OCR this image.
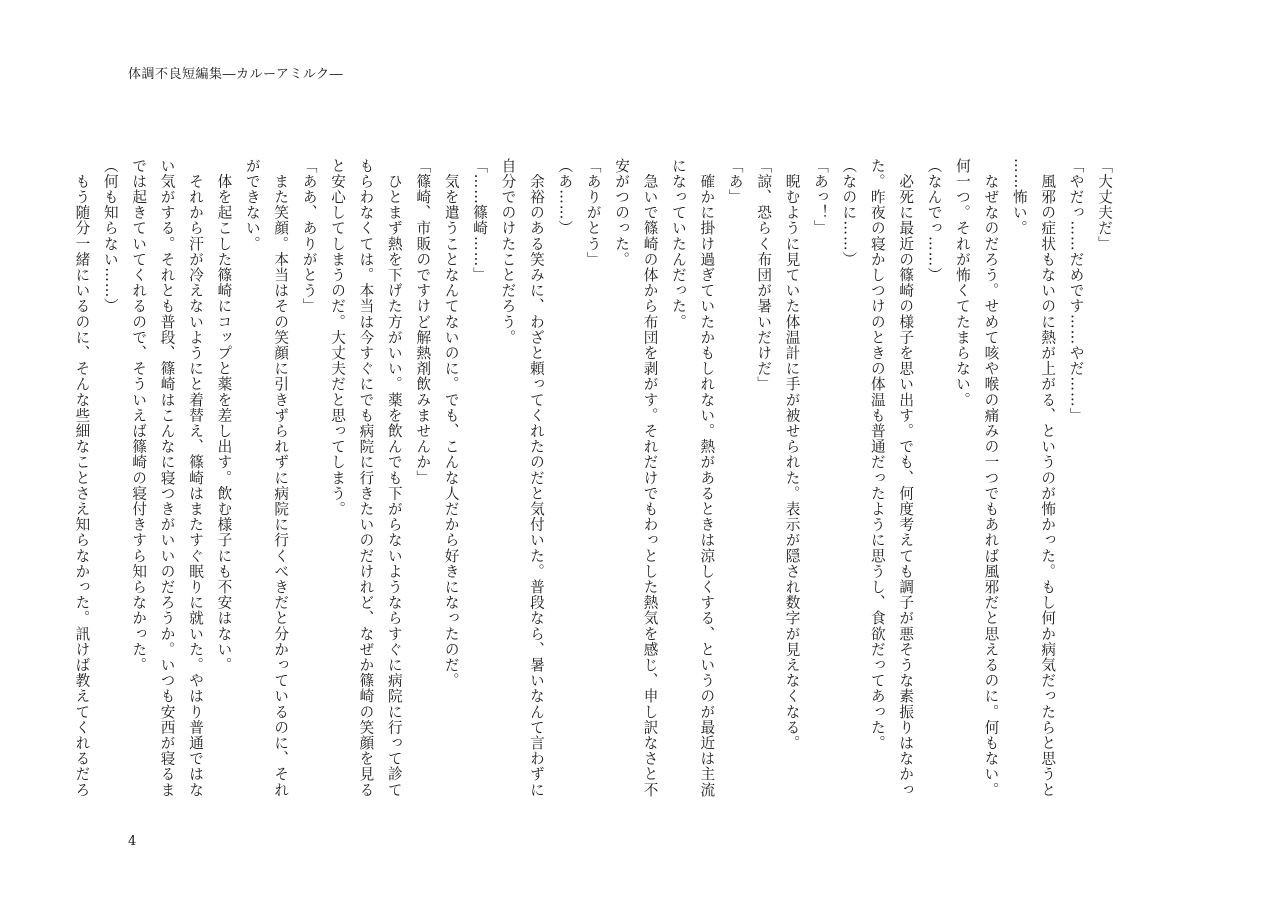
体調不良短編集―カルーアミルク―
「大丈夫だ」
「やだっ……だめです……やだ……」
　風邪の症状もないのに熱が上がる、というのが怖かった。もし何か病気だったらと思うと
……怖い。
　なぜなのだろう。せめて咳や喉の痛みの一つでもあれば風邪だと思えるのに。何もない。
何一つ。それが怖くてたまらない。
（なんでっ……）
　必死に最近の篠崎の様子を思い出す。でも、何度考えても調子が悪そうな素振りはなかっ
た。昨夜の寝かしつけのときの体温も普通だったように思うし、食欲だってあった。
（なのに……）
「あっ！」
　睨むように見ていた体温計に手が被せられた。表示が隠され数字が見えなくなる。
「諒、恐らく布団が暑いだけだ」
「あ」
　確かに掛け過ぎていたかもしれない。熱があるときは涼しくする、というのが最近は主流
になっていたんだった。
　急いで篠崎の体から布団を剥がす。それだけでもわっとした熱気を感じ、申し訳なさと不
安がつのった。
「ありがとう」
（あ……）
　余裕のある笑みに、わざと頼ってくれたのだと気付いた。普段なら、暑いなんて言わずに
自分でのけたことだろう。
「……篠崎……」
　気を遣うことなんてないのに。でも、こんな人だから好きになったのだ。
「篠崎、市販のですけど解熱剤飲みませんか」
　ひとまず熱を下げた方がいい。薬を飲んでも下がらないようならすぐに病院に行って診て
もらわなくては。本当は今すぐにでも病院に行きたいのだけれど、なぜか篠崎の笑顔を見る
と安心してしまうのだ。大丈夫だと思ってしまう。
「ああ、ありがとう」
　また笑顔。本当はその笑顔に引きずられずに病院に行くべきだと分かっているのに、それ
ができない。
　体を起こした篠崎にコップと薬を差し出す。飲む様子にも不安はない。
　それから汗が冷えないようにと着替え、篠崎はまたすぐ眠りに就いた。やはり普通ではな
い気がする。それとも普段、篠崎はこんなに寝つきがいいのだろうか。いつも安西が寝るま
では起きていてくれるので、そういえば篠崎の寝付きすら知らなかった。
（何も知らない……）
　もう随分一緒にいるのに、そんな些細なことさえ知らなかった。訊けば教えてくれるだろ
4
